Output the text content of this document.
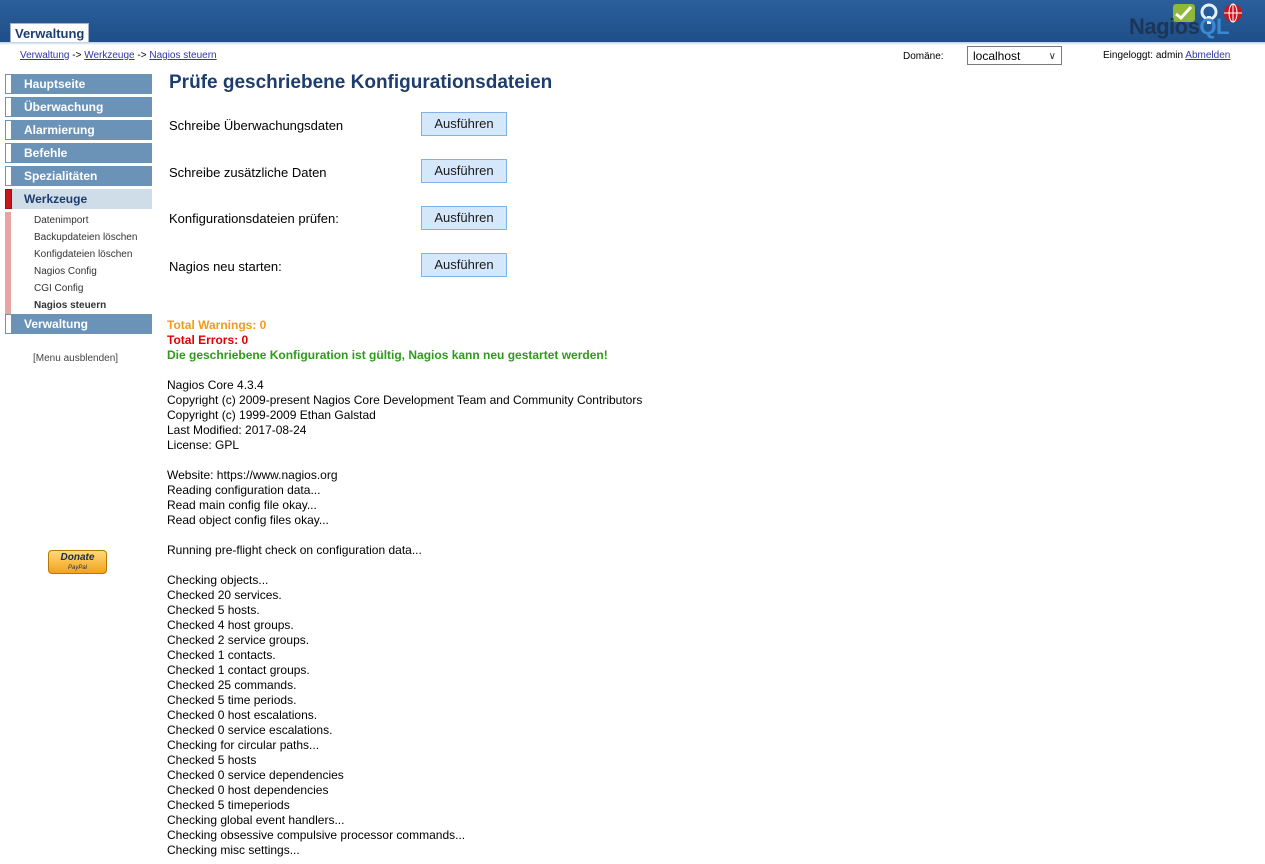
Verwaltung	NagiosQL
Verwaltung -> Werkzeuge -> Nagios steuern	Domäne:	localhost	∨	Eingeloggt: admin Abmelden
Hauptseite
Überwachung
Alarmierung
Befehle
Spezialitäten
Werkzeuge
Datenimport
Backupdateien löschen
Konfigdateien löschen
Nagios Config
CGI Config
Nagios steuern
Verwaltung
[Menu ausblenden]
Donate
PayPal
Prüfe geschriebene Konfigurationsdateien
Schreibe Überwachungsdaten	Ausführen
Schreibe zusätzliche Daten	Ausführen
Konfigurationsdateien prüfen:	Ausführen
Nagios neu starten:	Ausführen
Total Warnings: 0
Total Errors: 0
Die geschriebene Konfiguration ist gültig, Nagios kann neu gestartet werden!
Nagios Core 4.3.4
Copyright (c) 2009-present Nagios Core Development Team and Community Contributors
Copyright (c) 1999-2009 Ethan Galstad
Last Modified: 2017-08-24
License: GPL
Website: https://www.nagios.org
Reading configuration data...
Read main config file okay...
Read object config files okay...
Running pre-flight check on configuration data...
Checking objects...
Checked 20 services.
Checked 5 hosts.
Checked 4 host groups.
Checked 2 service groups.
Checked 1 contacts.
Checked 1 contact groups.
Checked 25 commands.
Checked 5 time periods.
Checked 0 host escalations.
Checked 0 service escalations.
Checking for circular paths...
Checked 5 hosts
Checked 0 service dependencies
Checked 0 host dependencies
Checked 5 timeperiods
Checking global event handlers...
Checking obsessive compulsive processor commands...
Checking misc settings...
